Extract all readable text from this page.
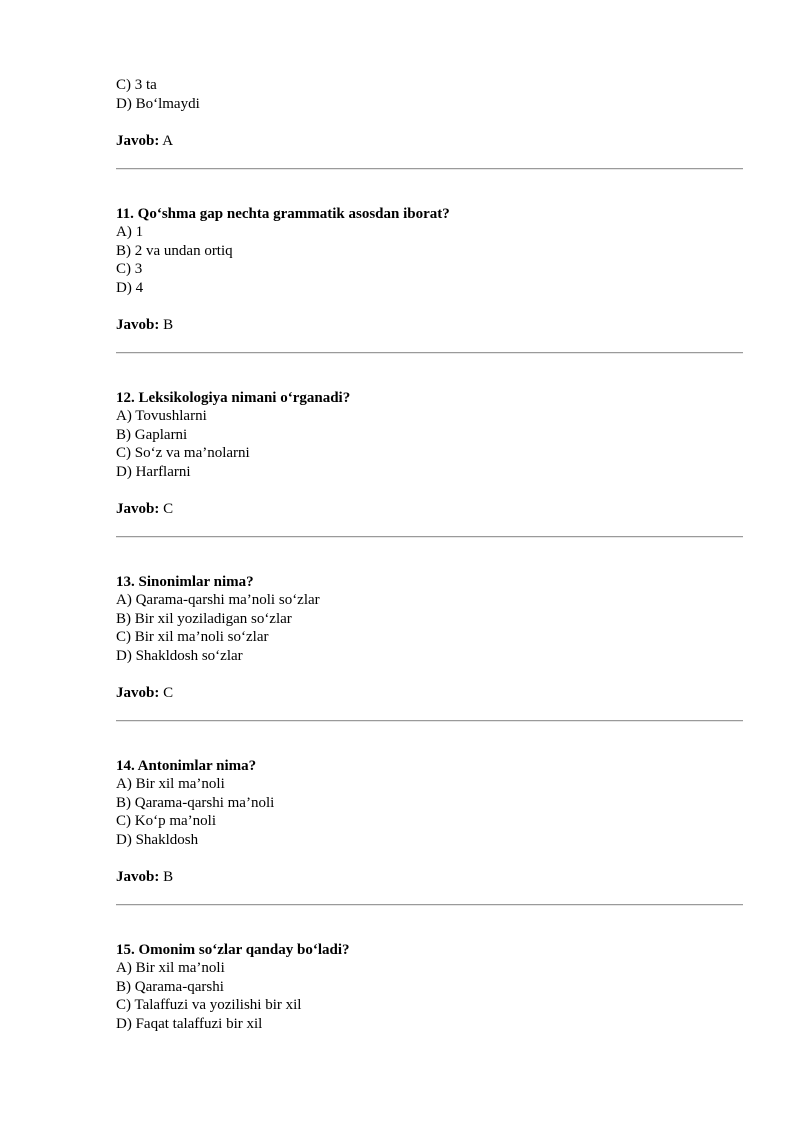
C) 3 ta
D) Bo‘lmaydi
Javob: A
11. Qo‘shma gap nechta grammatik asosdan iborat?
A) 1
B) 2 va undan ortiq
C) 3
D) 4
Javob: B
12. Leksikologiya nimani o‘rganadi?
A) Tovushlarni
B) Gaplarni
C) So‘z va ma’nolarni
D) Harflarni
Javob: C
13. Sinonimlar nima?
A) Qarama-qarshi ma’noli so‘zlar
B) Bir xil yoziladigan so‘zlar
C) Bir xil ma’noli so‘zlar
D) Shakldosh so‘zlar
Javob: C
14. Antonimlar nima?
A) Bir xil ma’noli
B) Qarama-qarshi ma’noli
C) Ko‘p ma’noli
D) Shakldosh
Javob: B
15. Omonim so‘zlar qanday bo‘ladi?
A) Bir xil ma’noli
B) Qarama-qarshi
C) Talaffuzi va yozilishi bir xil
D) Faqat talaffuzi bir xil
